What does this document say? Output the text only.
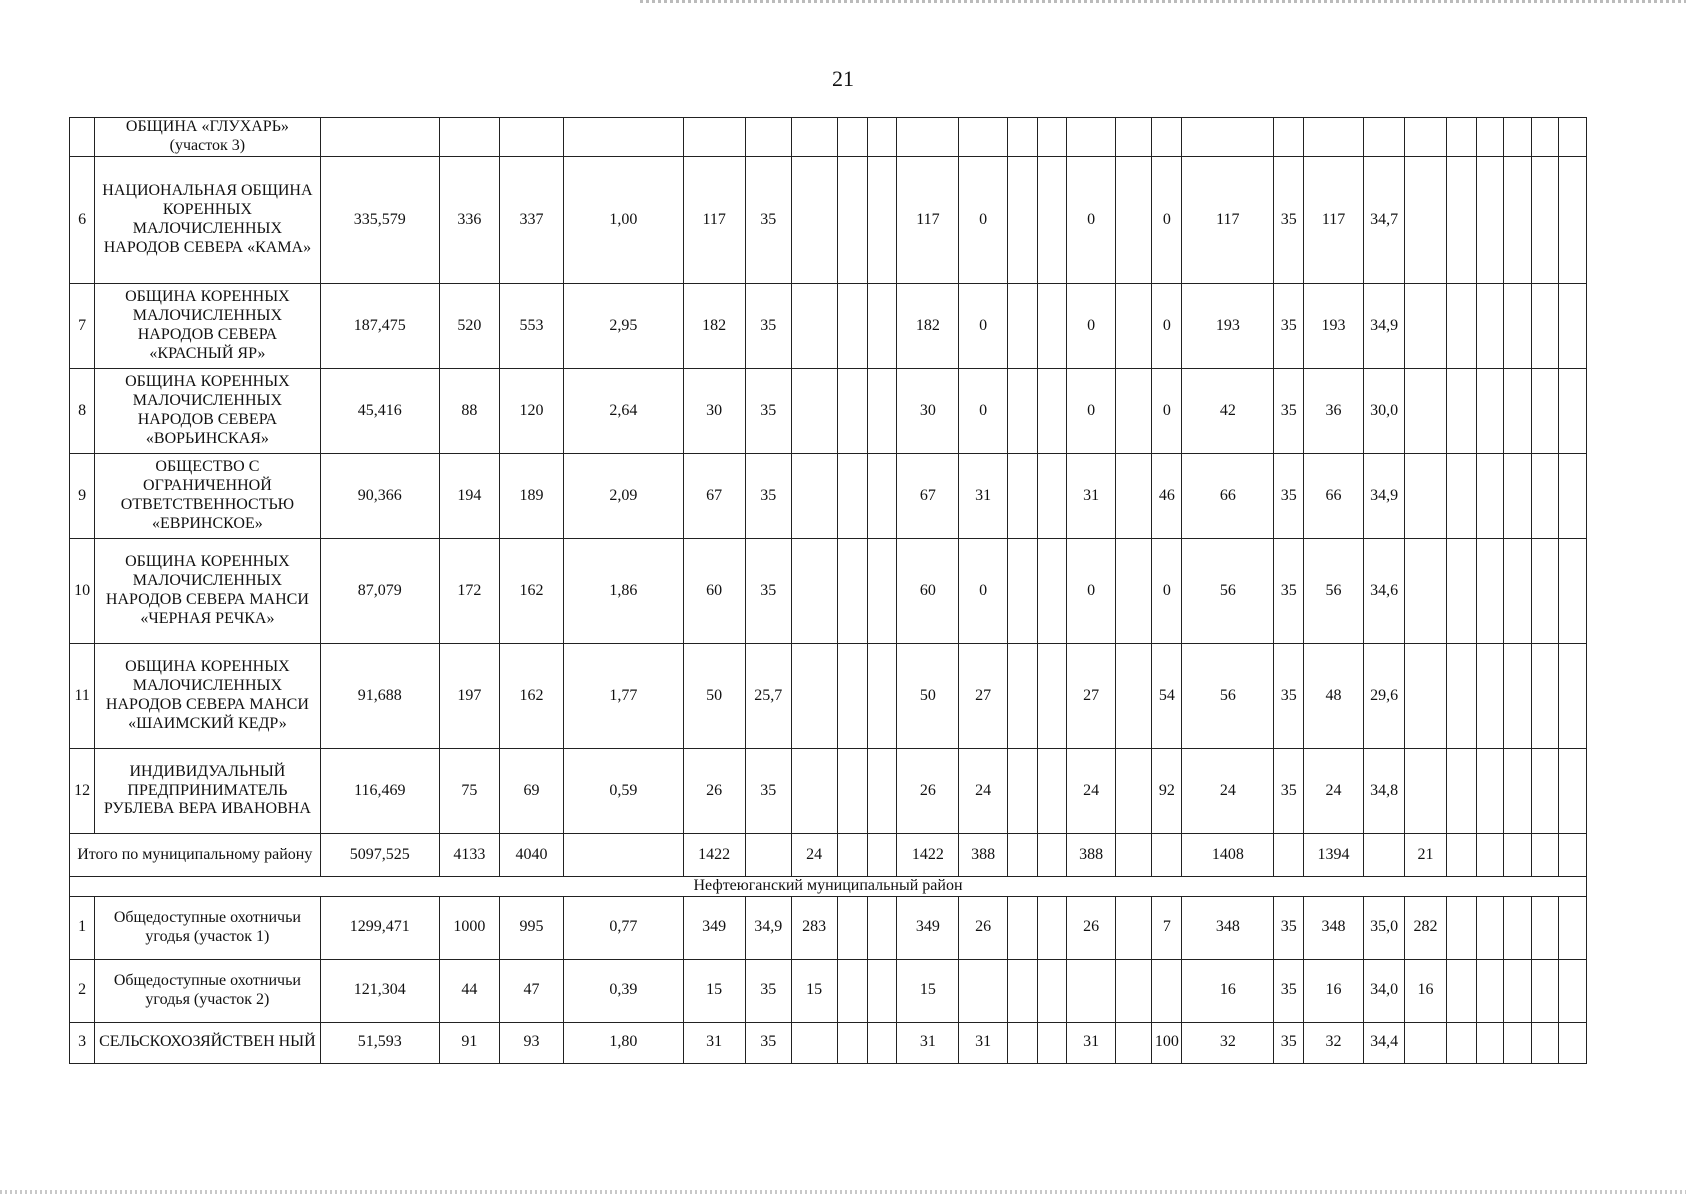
21
	ОБЩИНА «ГЛУХАРЬ» (участок 3)																										
6	НАЦИОНАЛЬНАЯ ОБЩИНА КОРЕННЫХ МАЛОЧИСЛЕННЫХ НАРОДОВ СЕВЕРА «КАМА»	335,579	336	337	1,00	117	35				117	0			0		0	117	35	117	34,7						
7	ОБЩИНА КОРЕННЫХ МАЛОЧИСЛЕННЫХ НАРОДОВ СЕВЕРА «КРАСНЫЙ ЯР»	187,475	520	553	2,95	182	35				182	0			0		0	193	35	193	34,9						
8	ОБЩИНА КОРЕННЫХ МАЛОЧИСЛЕННЫХ НАРОДОВ СЕВЕРА «ВОРЬИНСКАЯ»	45,416	88	120	2,64	30	35				30	0			0		0	42	35	36	30,0						
9	ОБЩЕСТВО С ОГРАНИЧЕННОЙ ОТВЕТСТВЕННОСТЬЮ «ЕВРИНСКОЕ»	90,366	194	189	2,09	67	35				67	31			31		46	66	35	66	34,9						
10	ОБЩИНА КОРЕННЫХ МАЛОЧИСЛЕННЫХ НАРОДОВ СЕВЕРА МАНСИ «ЧЕРНАЯ РЕЧКА»	87,079	172	162	1,86	60	35				60	0			0		0	56	35	56	34,6						
11	ОБЩИНА КОРЕННЫХ МАЛОЧИСЛЕННЫХ НАРОДОВ СЕВЕРА МАНСИ «ШАИМСКИЙ КЕДР»	91,688	197	162	1,77	50	25,7				50	27			27		54	56	35	48	29,6						
12	ИНДИВИДУАЛЬНЫЙ ПРЕДПРИНИМАТЕЛЬ РУБЛЕВА ВЕРА ИВАНОВНА	116,469	75	69	0,59	26	35				26	24			24		92	24	35	24	34,8						
Итого по муниципальному району		5097,525	4133	4040		1422		24			1422	388			388			1408		1394		21					
Нефтеюганский муниципальный район																											
1	Общедоступные охотничьи угодья (участок 1)	1299,471	1000	995	0,77	349	34,9	283			349	26			26		7	348	35	348	35,0	282					
2	Общедоступные охотничьи угодья (участок 2)	121,304	44	47	0,39	15	35	15			15							16	35	16	34,0	16					
3	СЕЛЬСКОХОЗЯЙСТВЕН НЫЙ	51,593	91	93	1,80	31	35				31	31			31		100	32	35	32	34,4						
